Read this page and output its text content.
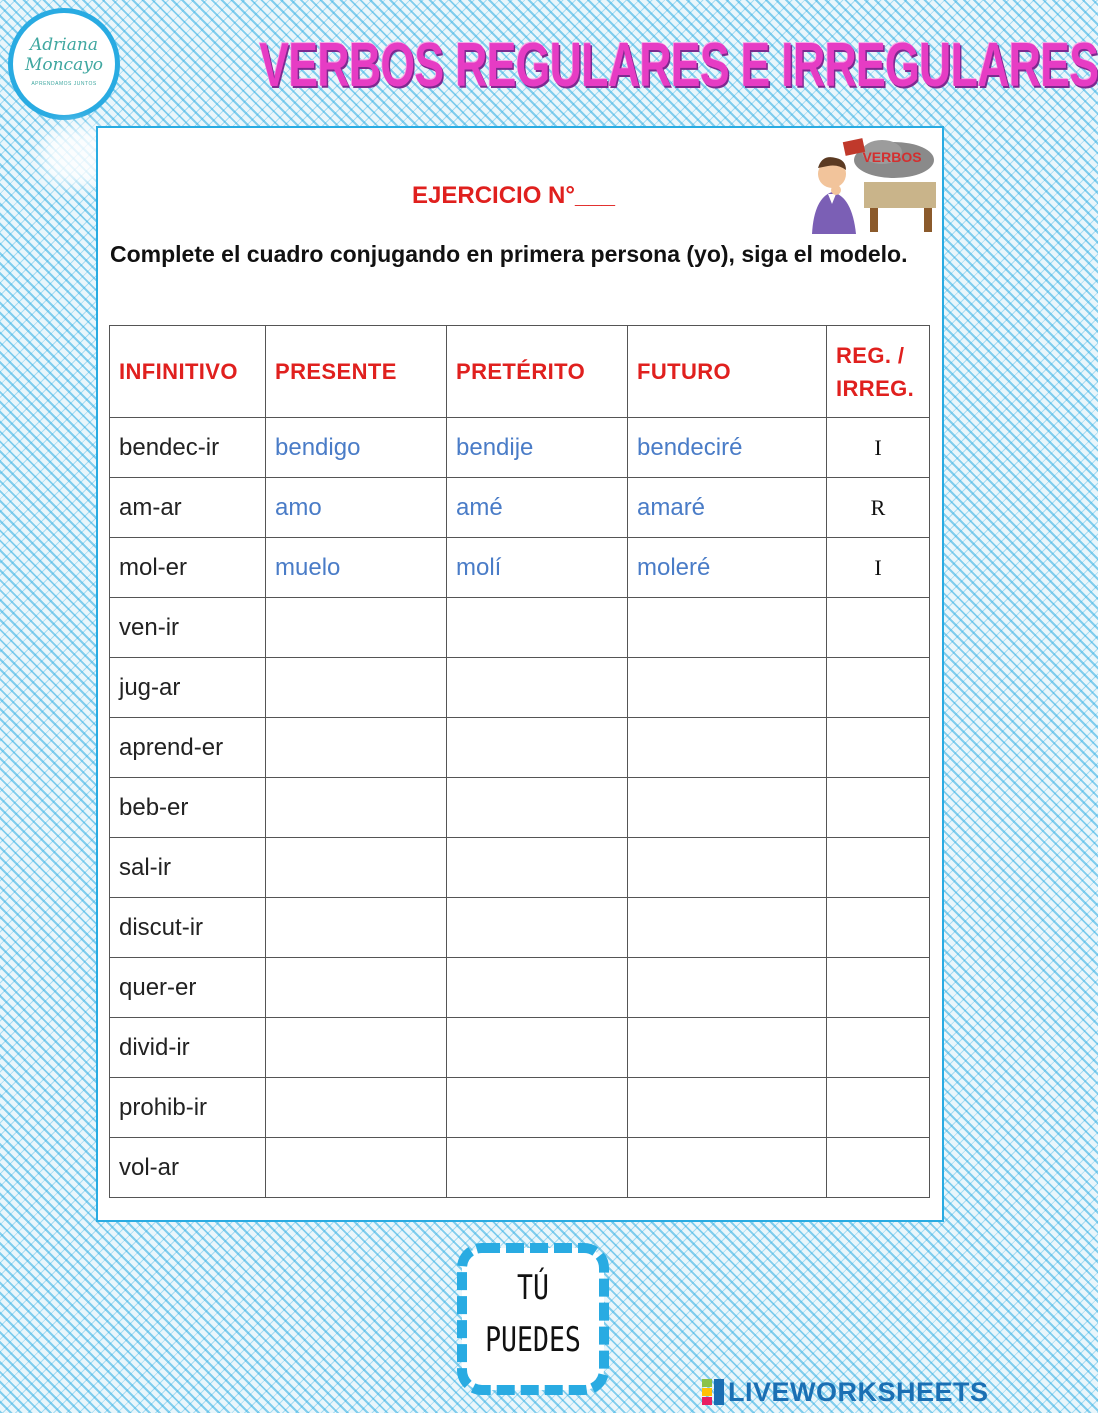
Adriana
Moncayo
APRENDAMOS JUNTOS	VERBOS REGULARES E IRREGULARES
VERBOS
EJERCICIO N°___
Complete el cuadro conjugando en primera persona (yo), siga el modelo.
INFINITIVO	PRESENTE	PRETÉRITO	FUTURO	REG. /
IRREG.
bendec-ir	bendigo	bendije	bendeciré	I
am-ar	amo	amé	amaré	R
mol-er	muelo	molí	moleré	I
ven-ir				
jug-ar				
aprend-er				
beb-er				
sal-ir				
discut-ir				
quer-er				
divid-ir				
prohib-ir				
vol-ar				
TÚ
PUEDES
LIVEWORKSHEETS
